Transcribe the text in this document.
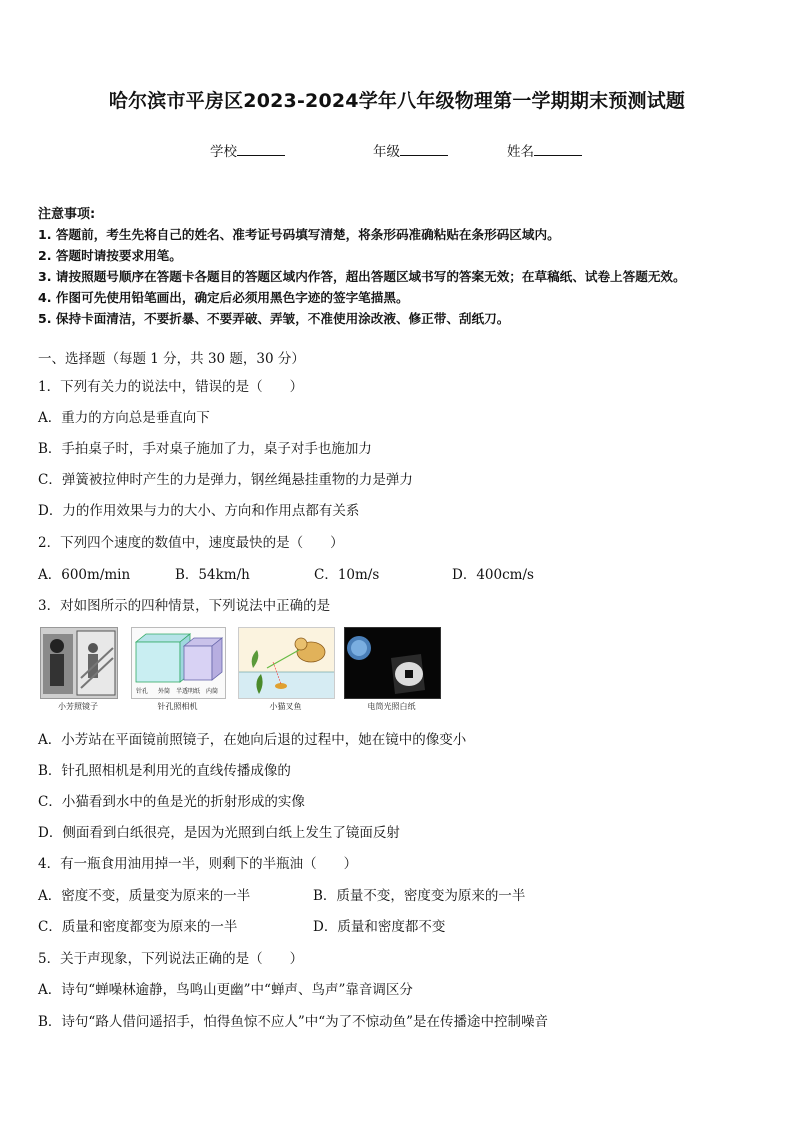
哈尔滨市平房区2023-2024学年八年级物理第一学期期末预测试题
学校	年级	姓名
注意事项:
1. 答题前，考生先将自己的姓名、准考证号码填写清楚，将条形码准确粘贴在条形码区域内。
2. 答题时请按要求用笔。
3. 请按照题号顺序在答题卡各题目的答题区域内作答，超出答题区域书写的答案无效；在草稿纸、试卷上答题无效。
4. 作图可先使用铅笔画出，确定后必须用黑色字迹的签字笔描黑。
5. 保持卡面清洁，不要折暴、不要弄破、弄皱，不准使用涂改液、修正带、刮纸刀。
一、选择题（每题 1 分，共 30 题，30 分）
1．下列有关力的说法中，错误的是（　　）
A．重力的方向总是垂直向下
B．手拍桌子时，手对桌子施加了力，桌子对手也施加力
C．弹簧被拉伸时产生的力是弹力，钢丝绳悬挂重物的力是弹力
D．力的作用效果与力的大小、方向和作用点都有关系
2．下列四个速度的数值中，速度最快的是（　　）
A．600m/min	B．54km/h	C．10m/s	D．400cm/s
3．对如图所示的四种情景，下列说法中正确的是
小芳照镜子
针孔 外筒 半透明纸 内筒
针孔照相机	小猫叉鱼	电筒光照白纸
A．小芳站在平面镜前照镜子，在她向后退的过程中，她在镜中的像变小
B．针孔照相机是利用光的直线传播成像的
C．小猫看到水中的鱼是光的折射形成的实像
D．侧面看到白纸很亮，是因为光照到白纸上发生了镜面反射
4．有一瓶食用油用掉一半，则剩下的半瓶油（　　）
A．密度不变，质量变为原来的一半	B．质量不变，密度变为原来的一半
C．质量和密度都变为原来的一半	D．质量和密度都不变
5．关于声现象，下列说法正确的是（　　）
A．诗句“蝉噪林逾静，鸟鸣山更幽”中“蝉声、鸟声”靠音调区分
B．诗句“路人借问遥招手，怕得鱼惊不应人”中“为了不惊动鱼”是在传播途中控制噪音
